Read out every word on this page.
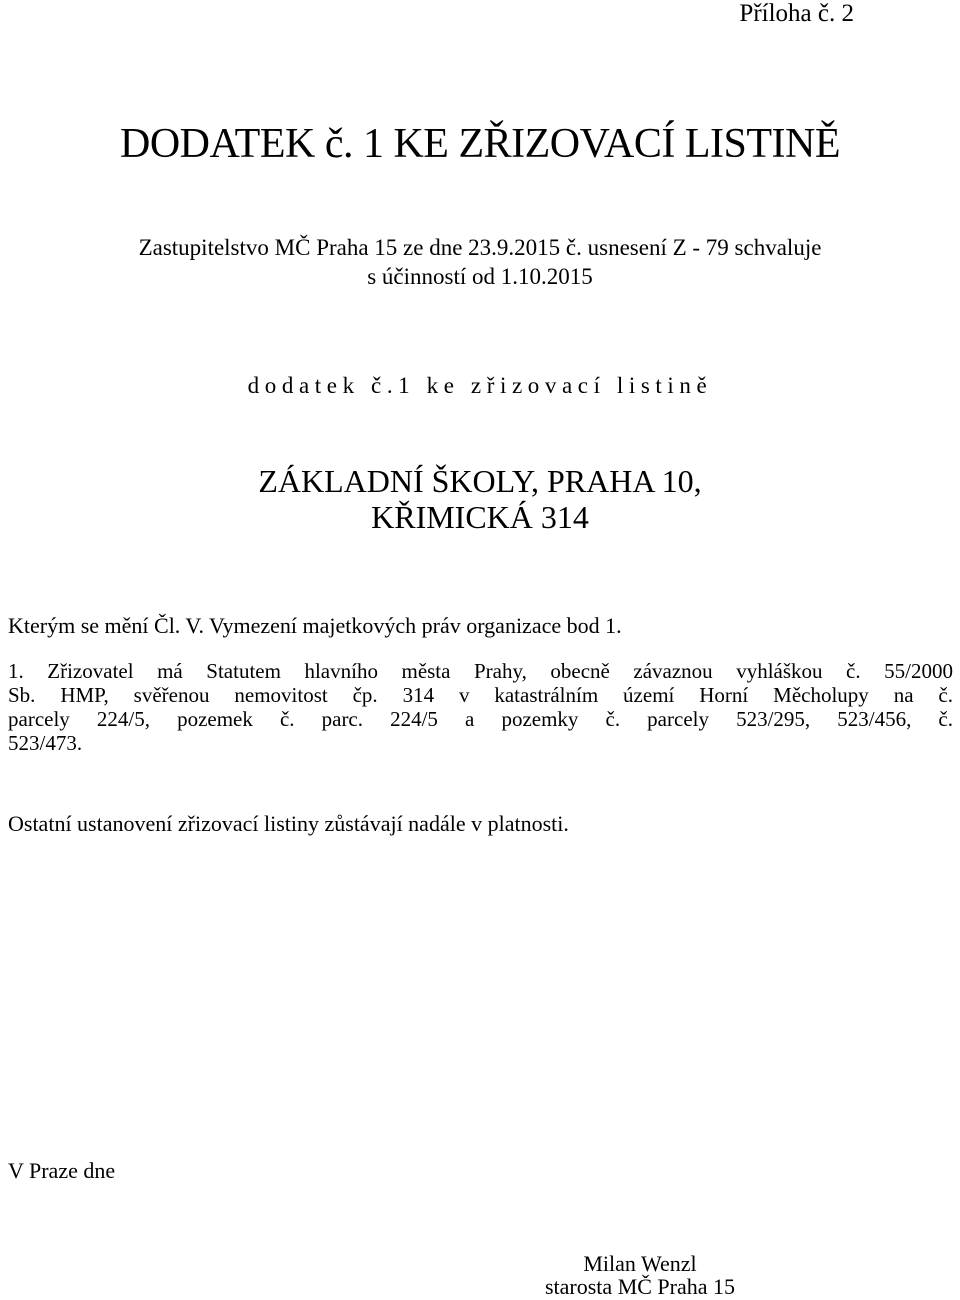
Příloha č. 2
DODATEK č. 1 KE ZŘIZOVACÍ LISTINĚ
Zastupitelstvo MČ Praha 15 ze dne 23.9.2015 č. usnesení Z - 79 schvaluje
s účinností od 1.10.2015
dodatek č.1 ke zřizovací listině
ZÁKLADNÍ ŠKOLY, PRAHA 10,
KŘIMICKÁ 314
Kterým se mění Čl. V. Vymezení majetkových práv organizace bod 1.
1. Zřizovatel má Statutem hlavního města Prahy, obecně závaznou vyhláškou č. 55/2000
Sb. HMP, svěřenou nemovitost čp. 314 v katastrálním území Horní Měcholupy na č.
parcely 224/5, pozemek č. parc. 224/5 a pozemky č. parcely 523/295, 523/456, č.
523/473.
Ostatní ustanovení zřizovací listiny zůstávají nadále v platnosti.
V Praze dne
Milan Wenzl
starosta MČ Praha 15
